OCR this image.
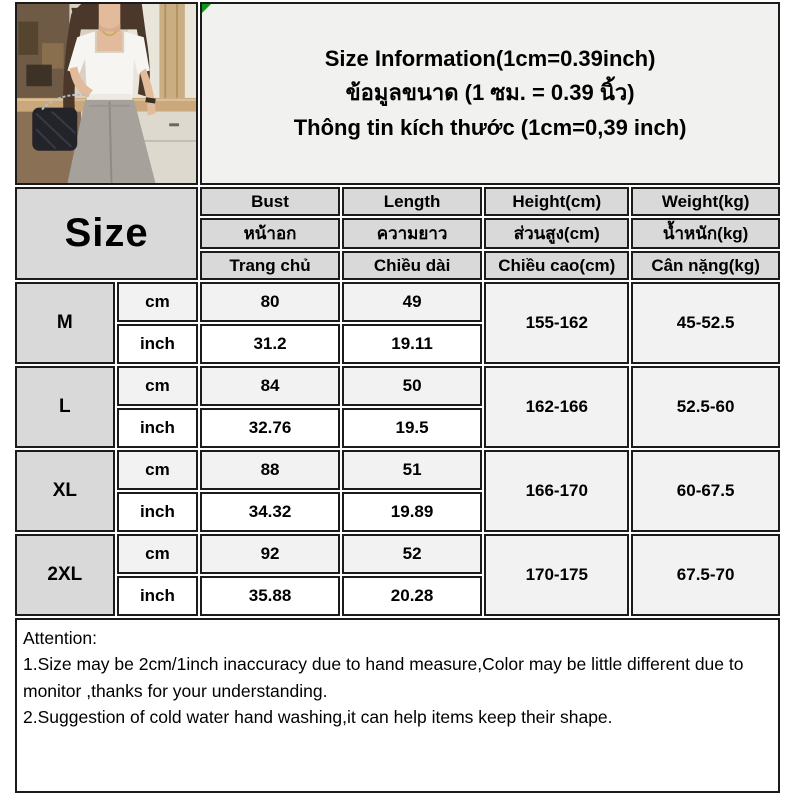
Size Information(1cm=0.39inch)
ข้อมูลขนาด (1 ซม. = 0.39 นิ้ว)
Thông tin kích thước (1cm=0,39 inch)			

Size		Bust	Length	Height(cm)	Weight(kg)
		หน้าอก	ความยาว	ส่วนสูง(cm)	น้ำหนัก(kg)
		Trang chủ	Chiều dài	Chiều cao(cm)	Cân nặng(kg)
M	cm	80	49	155-162	45-52.5
	inch	31.2	19.11		
L	cm	84	50	162-166	52.5-60
	inch	32.76	19.5		
XL	cm	88	51	166-170	60-67.5
	inch	34.32	19.89		
2XL	cm	92	52	170-175	67.5-70
	inch	35.88	20.28		

Attention:
1.Size may be 2cm/1inch inaccuracy due to hand measure,Color may be little different due to monitor ,thanks for your understanding.
2.Suggestion of cold water hand washing,it can help items keep their shape.					
